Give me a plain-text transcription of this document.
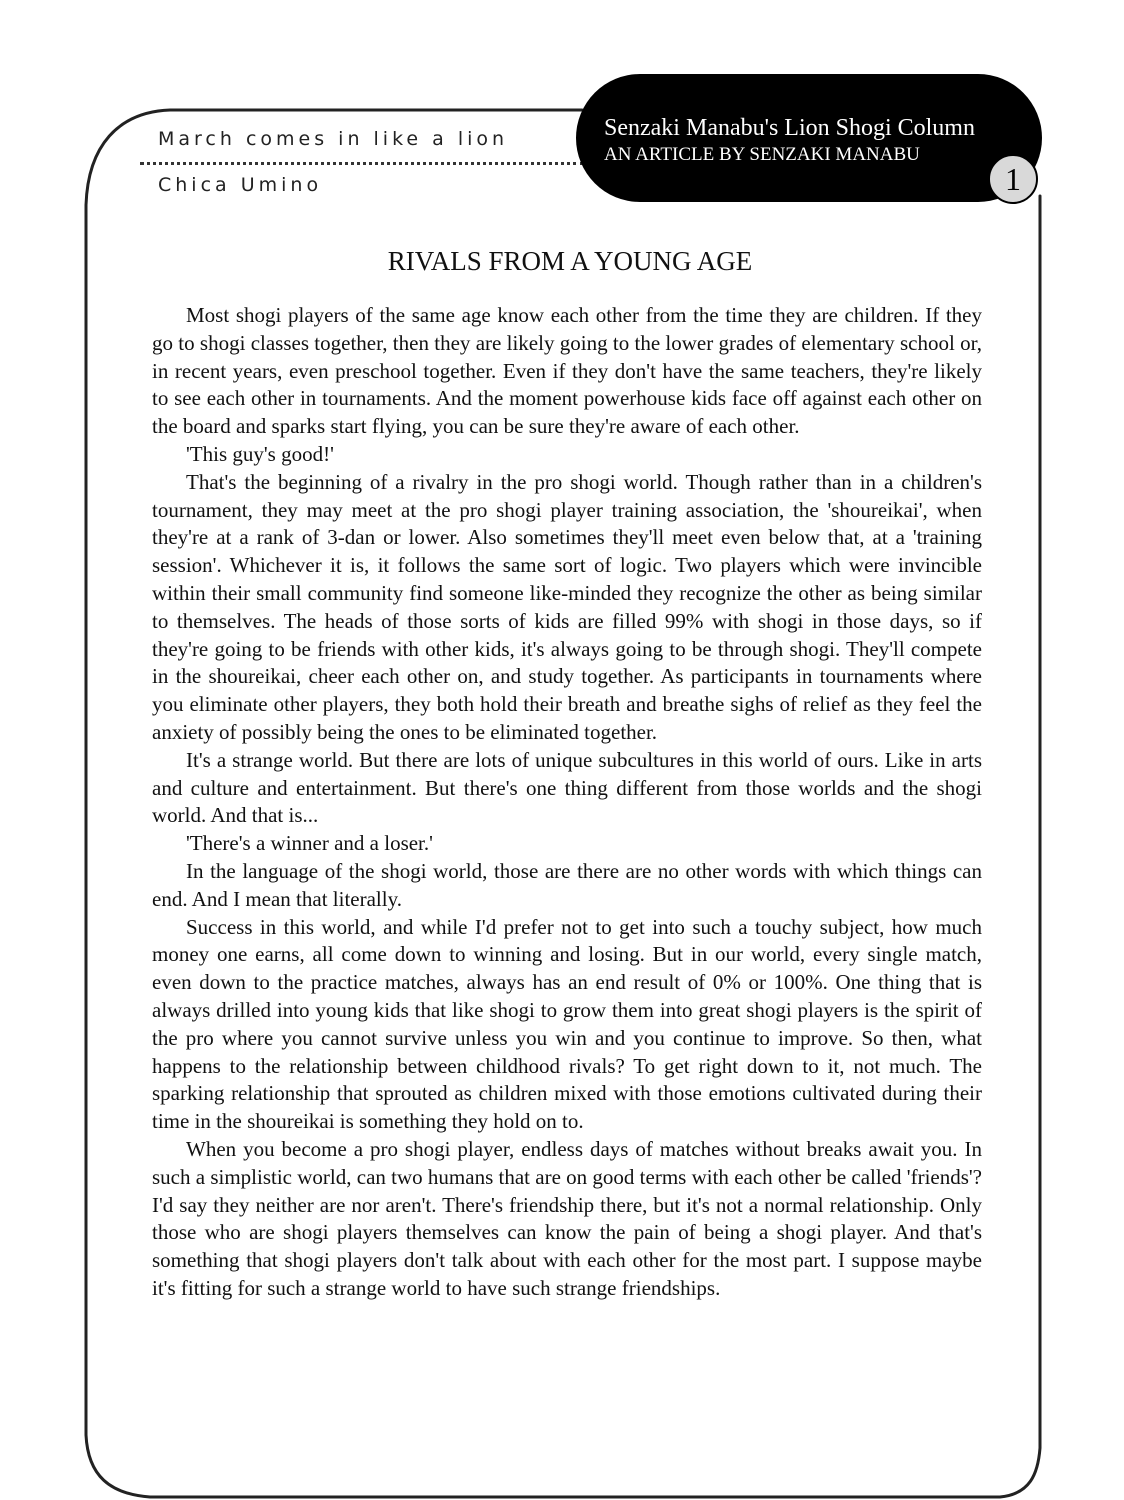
March comes in like a lion
Chica Umino
Senzaki Manabu's Lion Shogi Column
AN ARTICLE BY SENZAKI MANABU
1
RIVALS FROM A YOUNG AGE

Most shogi players of the same age know each other from the time they are children. If they go to shogi classes together, then they are likely going to the lower grades of elementary school or, in recent years, even preschool together. Even if they don't have the same teachers, they're likely to see each other in tournaments. And the moment powerhouse kids face off against each other on the board and sparks start flying, you can be sure they're aware of each other.

'This guy's good!'

That's the beginning of a rivalry in the pro shogi world. Though rather than in a children's tournament, they may meet at the pro shogi player training association, the 'shoureikai', when they're at a rank of 3-dan or lower. Also sometimes they'll meet even below that, at a 'training session'. Whichever it is, it follows the same sort of logic. Two players which were invincible within their small community find someone like-minded they recognize the other as being similar to themselves. The heads of those sorts of kids are filled 99% with shogi in those days, so if they're going to be friends with other kids, it's always going to be through shogi. They'll compete in the shoureikai, cheer each other on, and study together. As participants in tournaments where you eliminate other players, they both hold their breath and breathe sighs of relief as they feel the anxiety of possibly being the ones to be eliminated together.

It's a strange world. But there are lots of unique subcultures in this world of ours. Like in arts and culture and entertainment. But there's one thing different from those worlds and the shogi world. And that is...

'There's a winner and a loser.'

In the language of the shogi world, those are there are no other words with which things can end. And I mean that literally.

Success in this world, and while I'd prefer not to get into such a touchy subject, how much money one earns, all come down to winning and losing. But in our world, every single match, even down to the practice matches, always has an end result of 0% or 100%. One thing that is always drilled into young kids that like shogi to grow them into great shogi players is the spirit of the pro where you cannot survive unless you win and you continue to improve. So then, what happens to the relationship between childhood rivals? To get right down to it, not much. The sparking relationship that sprouted as children mixed with those emotions cultivated during their time in the shoureikai is something they hold on to.

When you become a pro shogi player, endless days of matches without breaks await you. In such a simplistic world, can two humans that are on good terms with each other be called 'friends'? I'd say they neither are nor aren't. There's friendship there, but it's not a normal relationship. Only those who are shogi players themselves can know the pain of being a shogi player. And that's something that shogi players don't talk about with each other for the most part. I suppose maybe it's fitting for such a strange world to have such strange friendships.
